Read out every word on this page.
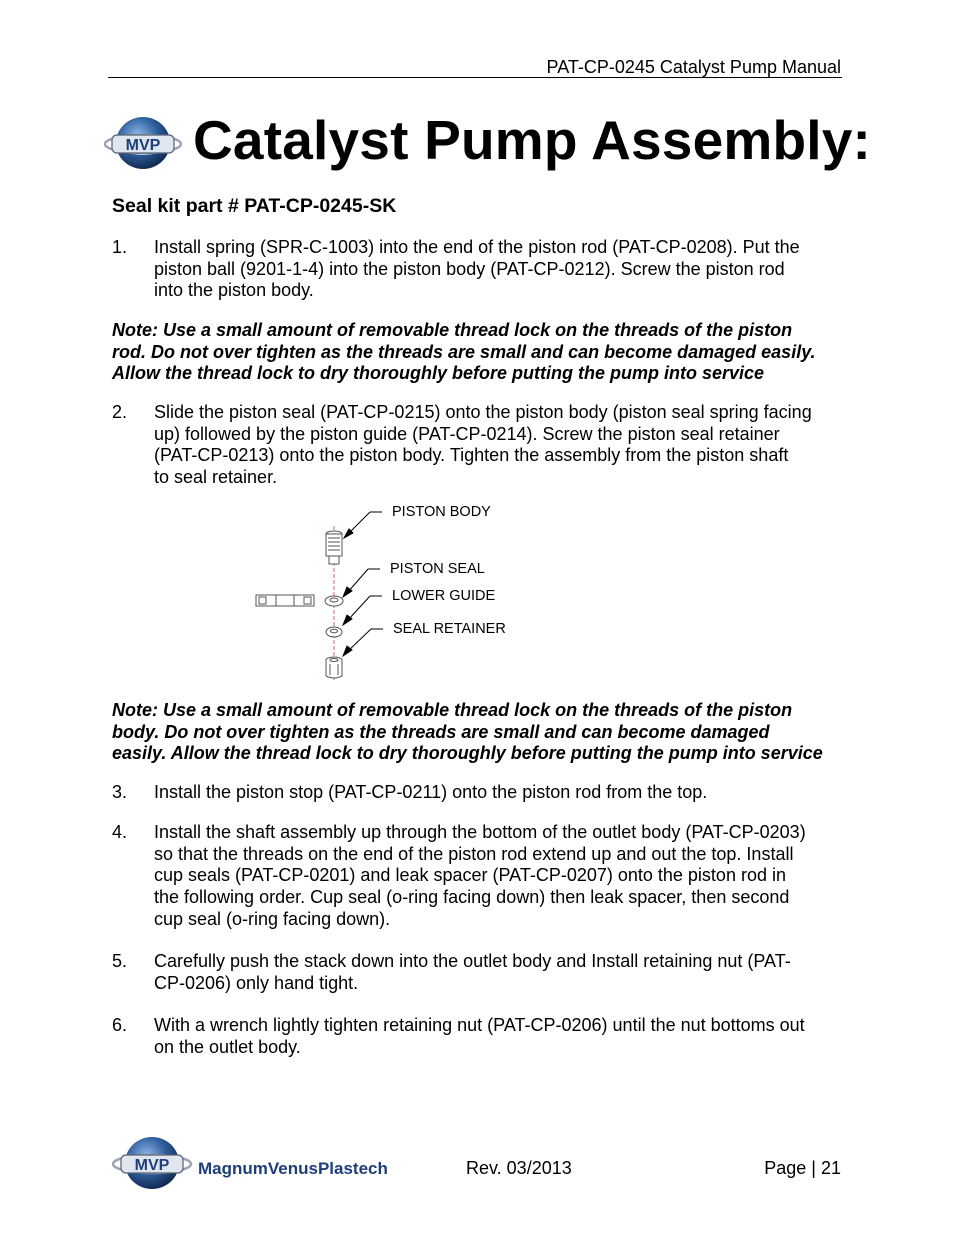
PAT-CP-0245 Catalyst Pump Manual
MVP Catalyst Pump Assembly:
Seal kit part # PAT-CP-0245-SK
1.	Install spring (SPR-C-1003) into the end of the piston rod (PAT-CP-0208). Put the
piston ball (9201-1-4) into the piston body (PAT-CP-0212). Screw the piston rod
into the piston body.
Note: Use a small amount of removable thread lock on the threads of the piston
rod. Do not over tighten as the threads are small and can become damaged easily.
Allow the thread lock to dry thoroughly before putting the pump into service
2.	Slide the piston seal (PAT-CP-0215) onto the piston body (piston seal spring facing
up) followed by the piston guide (PAT-CP-0214). Screw the piston seal retainer
(PAT-CP-0213) onto the piston body. Tighten the assembly from the piston shaft
to seal retainer.
PISTON BODY
PISTON SEAL
LOWER GUIDE
SEAL RETAINER
Note: Use a small amount of removable thread lock on the threads of the piston
body. Do not over tighten as the threads are small and can become damaged
easily. Allow the thread lock to dry thoroughly before putting the pump into service
3.	Install the piston stop (PAT-CP-0211) onto the piston rod from the top.
4.	Install the shaft assembly up through the bottom of the outlet body (PAT-CP-0203)
so that the threads on the end of the piston rod extend up and out the top. Install
cup seals (PAT-CP-0201) and leak spacer (PAT-CP-0207) onto the piston rod in
the following order. Cup seal (o-ring facing down) then leak spacer, then second
cup seal (o-ring facing down).
5.	Carefully push the stack down into the outlet body and Install retaining nut (PAT-
CP-0206) only hand tight.
6.	With a wrench lightly tighten retaining nut (PAT-CP-0206) until the nut bottoms out
on the outlet body.
MVP MagnumVenusPlastech	Rev. 03/2013	Page | 21
